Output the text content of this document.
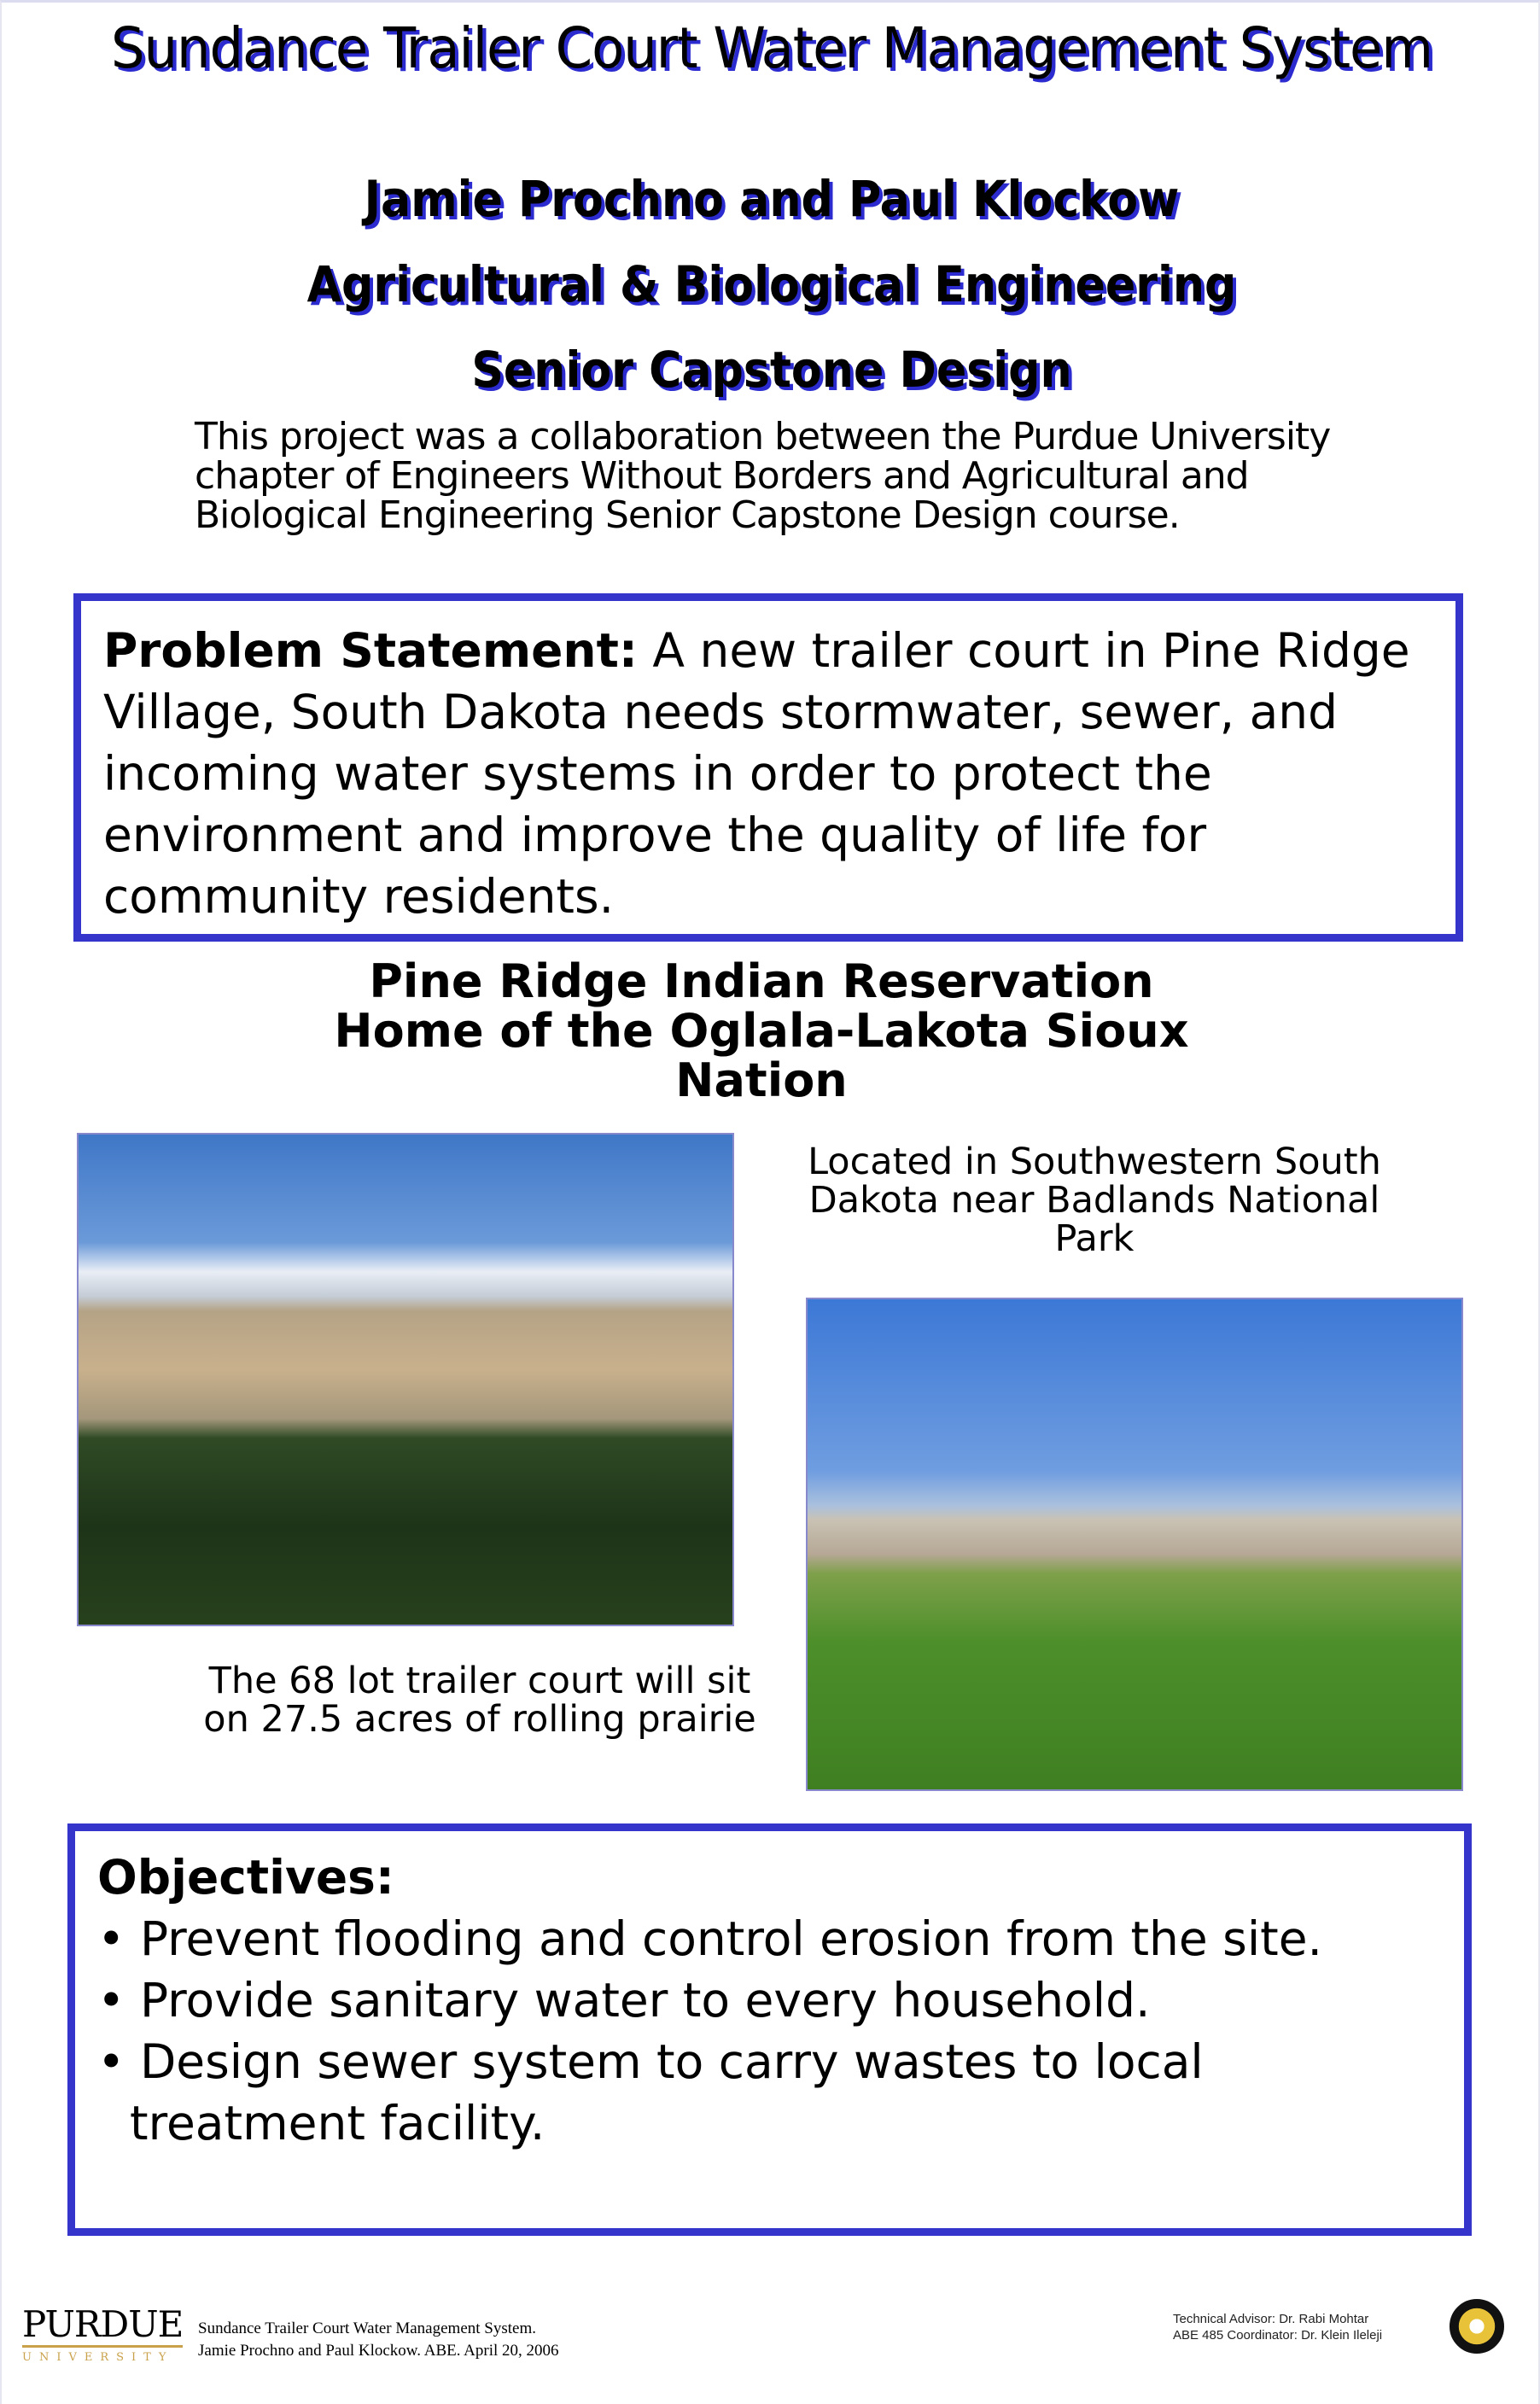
Sundance Trailer Court Water Management System
Jamie Prochno and Paul Klockow
Agricultural & Biological Engineering
Senior Capstone Design
This project was a collaboration between the Purdue University chapter of Engineers Without Borders and Agricultural and Biological Engineering Senior Capstone Design course.
Problem Statement: A new trailer court in Pine Ridge Village, South Dakota needs stormwater, sewer, and incoming water systems in order to protect the environment and improve the quality of life for community residents.
Pine Ridge Indian Reservation
Home of the Oglala-Lakota Sioux Nation
Located in Southwestern South Dakota near Badlands National Park
The 68 lot trailer court will sit on 27.5 acres of rolling prairie
Objectives:
• Prevent flooding and control erosion from the site.
• Provide sanitary water to every household.
• Design sewer system to carry wastes to local treatment facility.
PURDUE
UNIVERSITY
Sundance Trailer Court Water Management System.
Jamie Prochno and Paul Klockow. ABE. April 20, 2006
Technical Advisor: Dr. Rabi Mohtar
ABE 485 Coordinator: Dr. Klein Ileleji
